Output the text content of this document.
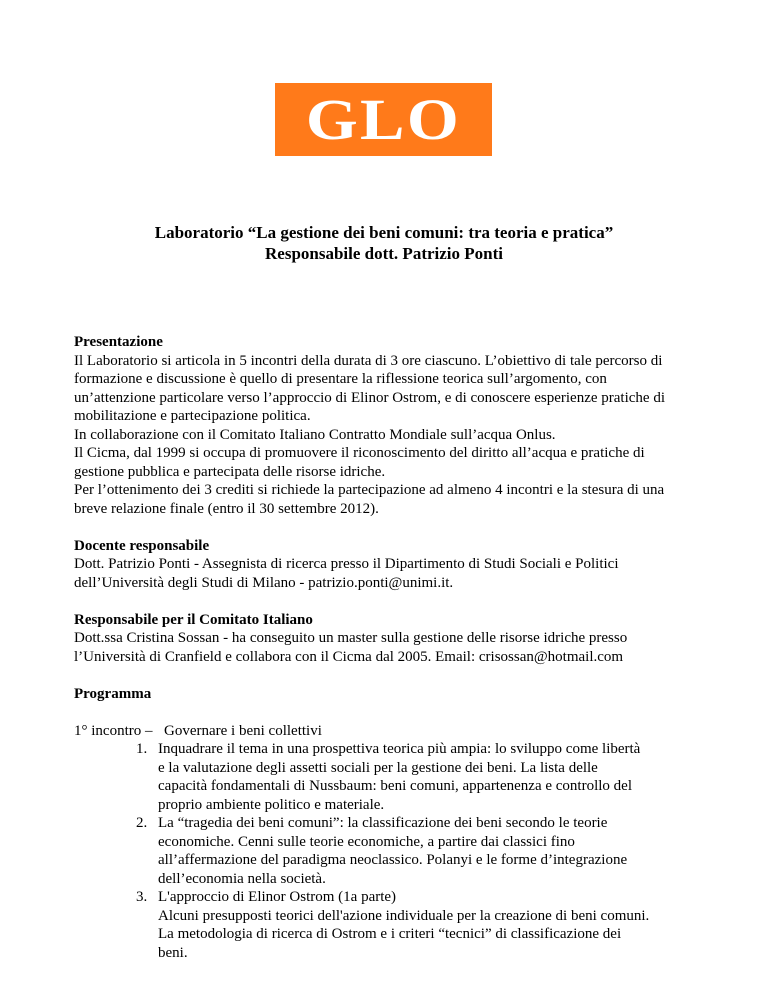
GLO
Laboratorio “La gestione dei beni comuni: tra teoria e pratica”
Responsabile dott. Patrizio Ponti
Presentazione
Il Laboratorio si articola in 5 incontri della durata di 3 ore ciascuno. L’obiettivo di tale percorso di
formazione e discussione è quello di presentare la riflessione teorica sull’argomento, con
un’attenzione particolare verso l’approccio di Elinor Ostrom, e di conoscere esperienze pratiche di
mobilitazione e partecipazione politica.
In collaborazione con il Comitato Italiano Contratto Mondiale sull’acqua Onlus.
Il Cicma, dal 1999 si occupa di promuovere il riconoscimento del diritto all’acqua e pratiche di
gestione pubblica e partecipata delle risorse idriche.
Per l’ottenimento dei 3 crediti si richiede la partecipazione ad almeno 4 incontri e la stesura di una
breve relazione finale (entro il 30 settembre 2012).
Docente responsabile
Dott. Patrizio Ponti - Assegnista di ricerca presso il Dipartimento di Studi Sociali e Politici
dell’Università degli Studi di Milano - patrizio.ponti@unimi.it.
Responsabile per il Comitato Italiano
Dott.ssa Cristina Sossan - ha conseguito un master sulla gestione delle risorse idriche presso
l’Università di Cranfield e collabora con il Cicma dal 2005. Email: crisossan@hotmail.com
Programma
1° incontro – Governare i beni collettivi
1. Inquadrare il tema in una prospettiva teorica più ampia: lo sviluppo come libertà
e la valutazione degli assetti sociali per la gestione dei beni. La lista delle
capacità fondamentali di Nussbaum: beni comuni, appartenenza e controllo del
proprio ambiente politico e materiale.
2. La “tragedia dei beni comuni”: la classificazione dei beni secondo le teorie
economiche. Cenni sulle teorie economiche, a partire dai classici fino
all’affermazione del paradigma neoclassico. Polanyi e le forme d’integrazione
dell’economia nella società.
3. L'approccio di Elinor Ostrom (1a parte)
Alcuni presupposti teorici dell'azione individuale per la creazione di beni comuni.
La metodologia di ricerca di Ostrom e i criteri “tecnici” di classificazione dei
beni.
